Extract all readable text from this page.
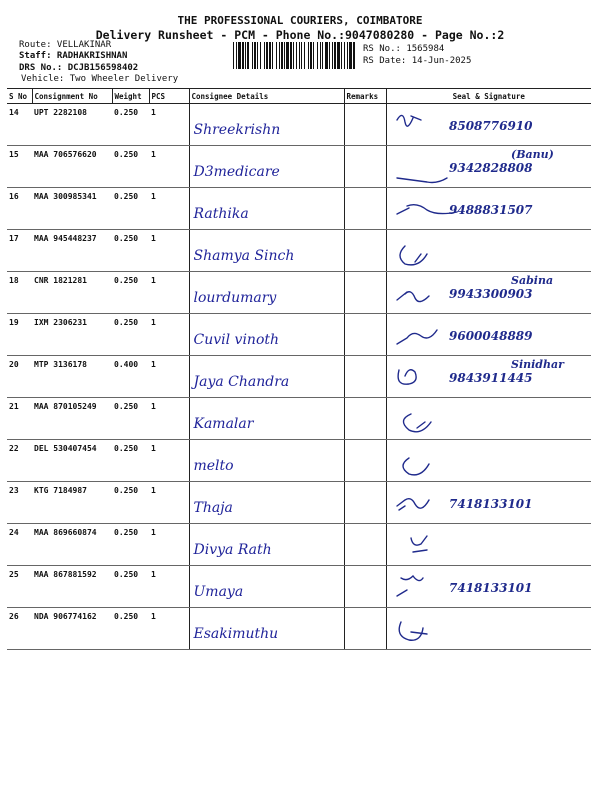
THE PROFESSIONAL COURIERS, COIMBATORE
Delivery Runsheet - PCM - Phone No.:9047080280 - Page No.:2
Route: VELLAKINAR
Staff: RADHAKRISHNAN
DRS No.: DCJB156598402
Vehicle: Two Wheeler Delivery
RS No.: 1565984
RS Date: 14-Jun-2025
S No	Consignment No	Weight	PCS	Consignee Details	Remarks	Seal & Signature
14	UPT 2282108	0.250	1	Shreekrishn		8508776910

15	MAA 706576620	0.250	1	D3medicare		9342828808
(Banu)

16	MAA 300985341	0.250	1	Rathika		9488831507

17	MAA 945448237	0.250	1	Shamya Sinch

18	CNR 1821281	0.250	1	lourdumary		9943300903
Sabina

19	IXM 2306231	0.250	1	Cuvil vinoth		9600048889

20	MTP 3136178	0.400	1	Jaya Chandra		9843911445
Sinidhar

21	MAA 870105249	0.250	1	Kamalar

22	DEL 530407454	0.250	1	melto

23	KTG 7184987	0.250	1	Thaja		7418133101

24	MAA 869660874	0.250	1	Divya Rath

25	MAA 867881592	0.250	1	Umaya		7418133101

26	NDA 906774162	0.250	1	Esakimuthu
